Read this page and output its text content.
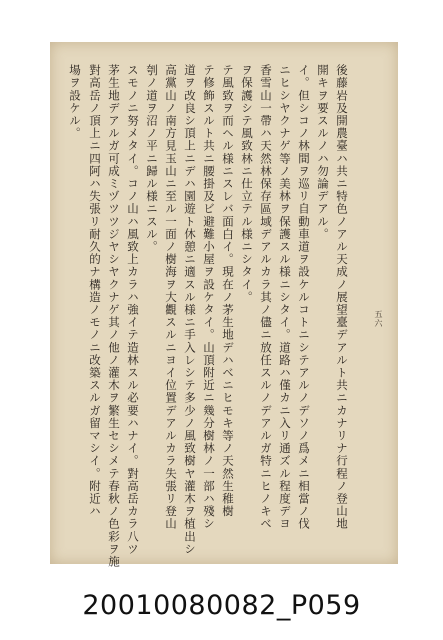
五六
場ヲ設ケル。 對高岳ノ頂上ニ四阿ハ失張リ耐久的ナ構造ノモノニ改築スルガ留マシイ。附近ハ 茅生地デアルガ可成ミヅツツジヤシヤクナゲ其ノ他ノ灌木ヲ繁生セシメテ春秋ノ色彩ヲ施 スモノニ努メタイ。コノ山ハ風致上カラハ強イテ造林スル必要ハナイ。對高岳カラ八ツ 刳ノ道ヲ沼ノ平ニ歸ル様ニスル。 高黨山ノ南方見玉山ニ至ル一面ノ樹海ヲ大觀スルニヨイ位置デアルカラ失張リ登山 道ヲ改良シ頂上ニデハ園遊ト休憩ニ適スル様ニ手入レシテ多少ノ風致樹ヤ灌木ヲ植出シ テ修飾スルト共ニ腰掛及ビ避難小屋ヲ設ケタイ。山頂附近ニ幾分樹林ノ一部ハ殘シ テ風致ヲ而ヘル様ニスレバ面白イ。現在ノ茅生地デハベニヒモキ等ノ天然生稚樹 ヲ保護シテ風致林ニ仕立テル様ニシタイ。 香雪山一帶ハ天然林保存區域デアルカラ其ノ儘ニ放任スルノデアルガ特ニヒノキベ ニヒシヤクナゲ等ノ美林ヲ保護スル様ニシタイ。道路ハ僅カニ入リ通ズル程度デヨ イ。但シコノ林間ヲ巡リ自動車道ヲ設ケルコトニシテアルノデソノ爲メニ相當ノ伐 開キヲ要スルノハ勿論デアル。 後藤岩及開農臺ハ共ニ特色ノアル天成ノ展望臺デアルト共ニカナリナ行程ノ登山地
20010080082_P059
